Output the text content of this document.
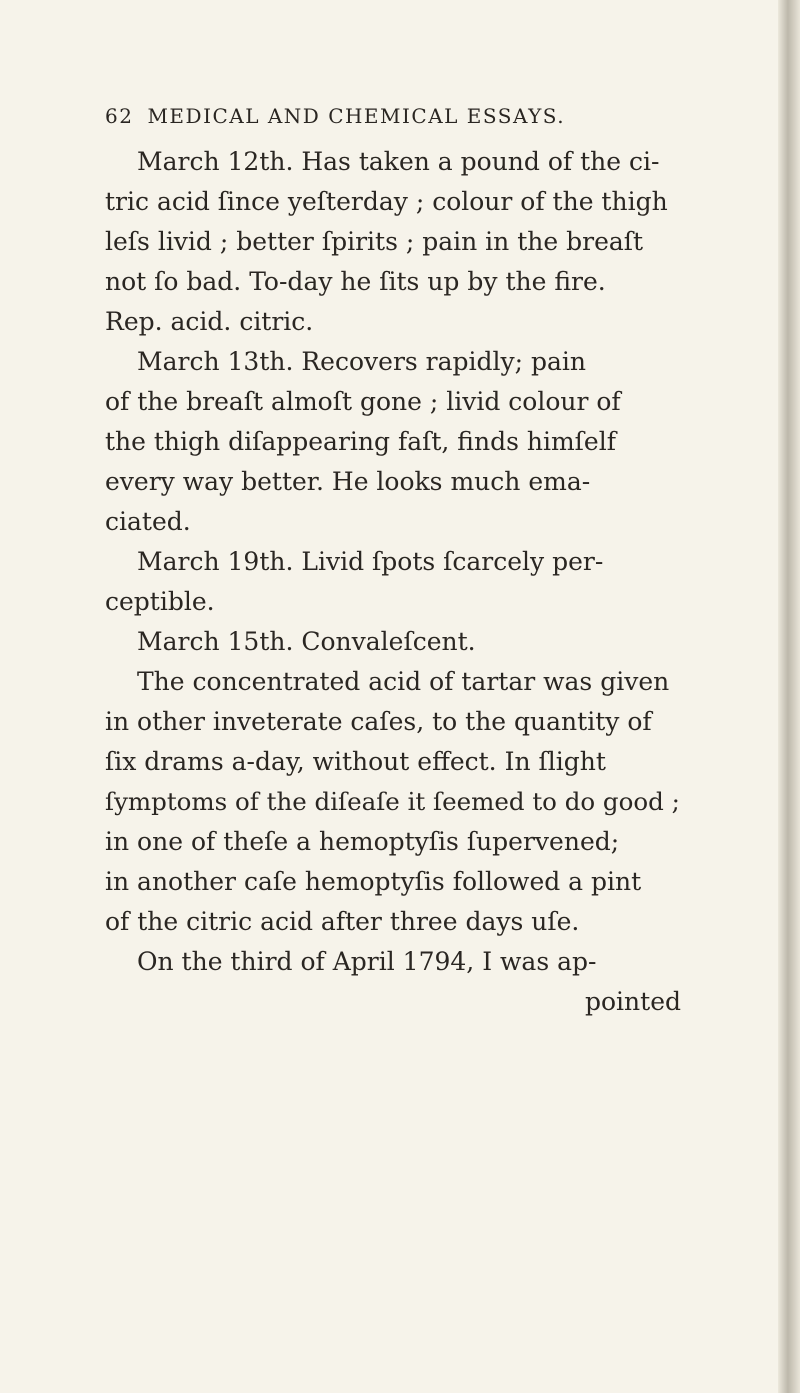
62 MEDICAL AND CHEMICAL ESSAYS.
March 12th. Has taken a pound of the ci-
tric acid ſince yeſterday ; colour of the thigh
leſs livid ; better ſpirits ; pain in the breaſt
not ſo bad. To-day he ſits up by the fire.
Rep. acid. citric.
March 13th. Recovers rapidly; pain
of the breaſt almoſt gone ; livid colour of
the thigh diſappearing faſt, finds himſelf
every way better. He looks much ema-
ciated.
March 19th. Livid ſpots ſcarcely per-
ceptible.
March 15th. Convaleſcent.
The concentrated acid of tartar was given
in other inveterate caſes, to the quantity of
ſix drams a-day, without effect. In ſlight
ſymptoms of the diſeaſe it ſeemed to do good ;
in one of theſe a hemoptyſis ſupervened;
in another caſe hemoptyſis followed a pint
of the citric acid after three days uſe.
On the third of April 1794, I was ap-
pointed
